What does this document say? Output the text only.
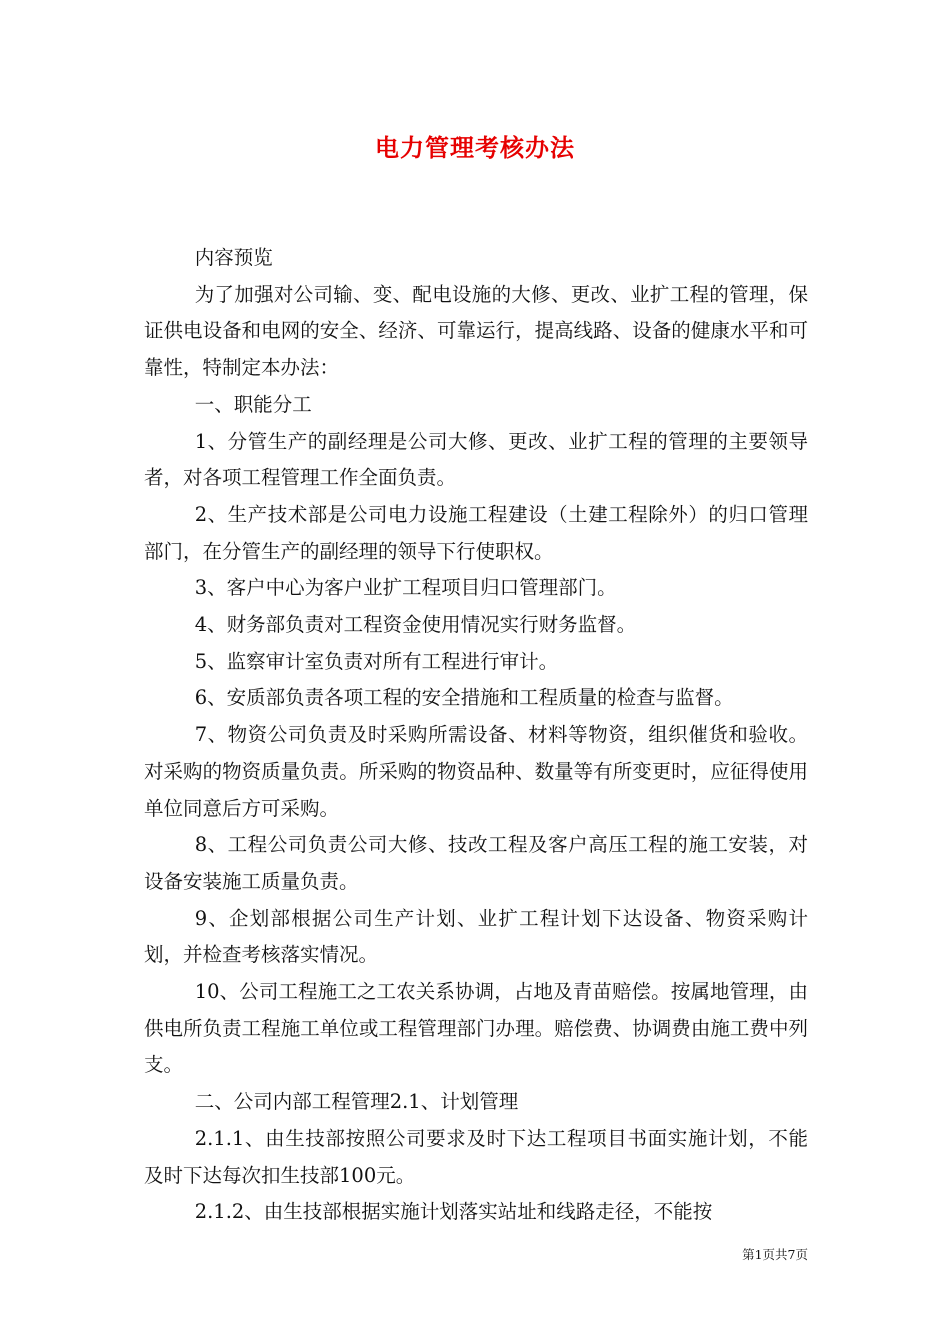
电力管理考核办法

内容预览

为了加强对公司输、变、配电设施的大修、更改、业扩工程的管理，保证供电设备和电网的安全、经济、可靠运行，提高线路、设备的健康水平和可靠性，特制定本办法：

一、职能分工

1、分管生产的副经理是公司大修、更改、业扩工程的管理的主要领导者，对各项工程管理工作全面负责。

2、生产技术部是公司电力设施工程建设（土建工程除外）的归口管理部门，在分管生产的副经理的领导下行使职权。

3、客户中心为客户业扩工程项目归口管理部门。

4、财务部负责对工程资金使用情况实行财务监督。

5、监察审计室负责对所有工程进行审计。

6、安质部负责各项工程的安全措施和工程质量的检查与监督。

7、物资公司负责及时采购所需设备、材料等物资，组织催货和验收。对采购的物资质量负责。所采购的物资品种、数量等有所变更时，应征得使用单位同意后方可采购。

8、工程公司负责公司大修、技改工程及客户高压工程的施工安装，对设备安装施工质量负责。

9、企划部根据公司生产计划、业扩工程计划下达设备、物资采购计划，并检查考核落实情况。

10、公司工程施工之工农关系协调，占地及青苗赔偿。按属地管理，由供电所负责工程施工单位或工程管理部门办理。赔偿费、协调费由施工费中列支。

二、公司内部工程管理2.1、计划管理

2.1.1、由生技部按照公司要求及时下达工程项目书面实施计划，不能及时下达每次扣生技部100元。

2.1.2、由生技部根据实施计划落实站址和线路走径，不能按

第1页共7页
